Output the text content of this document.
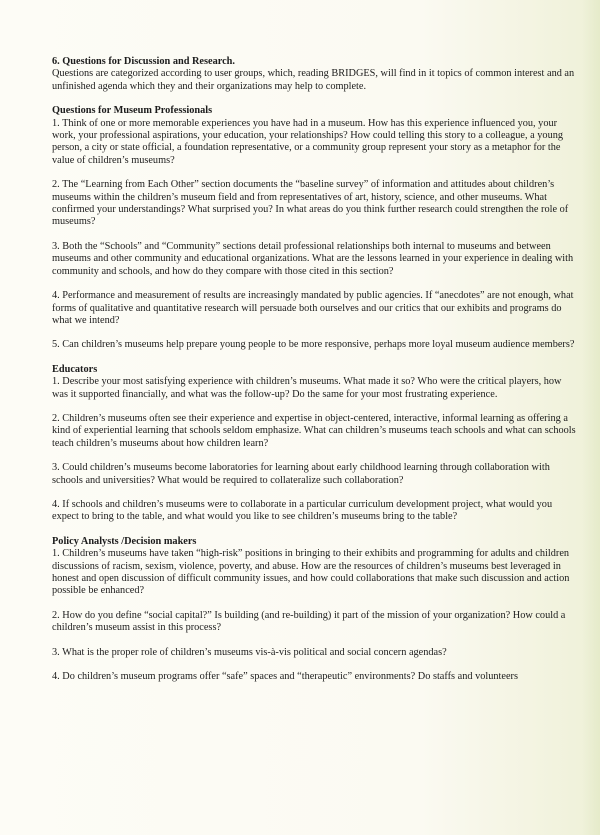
6. Questions for Discussion and Research.

Questions are categorized according to user groups, which, reading BRIDGES, will find in it topics of common interest and an unfinished agenda which they and their organizations may help to complete.

Questions for Museum Professionals

1. Think of one or more memorable experiences you have had in a museum. How has this experience influenced you, your work, your professional aspirations, your education, your relationships? How could telling this story to a colleague, a young person, a city or state official, a foundation representative, or a community group represent your story as a metaphor for the value of children’s museums?

2. The “Learning from Each Other” section documents the “baseline survey” of information and attitudes about children’s museums within the children’s museum field and from representatives of art, history, science, and other museums. What confirmed your understandings? What surprised you? In what areas do you think further research could strengthen the role of museums?

3. Both the “Schools” and “Community” sections detail professional relationships both internal to museums and between museums and other community and educational organizations. What are the lessons learned in your experience in dealing with community and schools, and how do they compare with those cited in this section?

4. Performance and measurement of results are increasingly mandated by public agencies. If “anecdotes” are not enough, what forms of qualitative and quantitative research will persuade both ourselves and our critics that our exhibits and programs do what we intend?

5. Can children’s museums help prepare young people to be more responsive, perhaps more loyal museum audience members?

Educators

1. Describe your most satisfying experience with children’s museums. What made it so? Who were the critical players, how was it supported financially, and what was the follow-up? Do the same for your most frustrating experience.

2. Children’s museums often see their experience and expertise in object-centered, interactive, informal learning as offering a kind of experiential learning that schools seldom emphasize. What can children’s museums teach schools and what can schools teach children’s museums about how children learn?

3. Could children’s museums become laboratories for learning about early childhood learning through collaboration with schools and universities? What would be required to collateralize such collaboration?

4. If schools and children’s museums were to collaborate in a particular curriculum development project, what would you expect to bring to the table, and what would you like to see children’s museums bring to the table?

Policy Analysts /Decision makers

1. Children’s museums have taken “high-risk” positions in bringing to their exhibits and programming for adults and children discussions of racism, sexism, violence, poverty, and abuse. How are the resources of children’s museums best leveraged in honest and open discussion of difficult community issues, and how could collaborations that make such discussion and action possible be enhanced?

2. How do you define “social capital?” Is building (and re-building) it part of the mission of your organization? How could a children’s museum assist in this process?

3. What is the proper role of children’s museums vis-à-vis political and social concern agendas?

4. Do children’s museum programs offer “safe” spaces and “therapeutic” environments? Do staffs and volunteers
